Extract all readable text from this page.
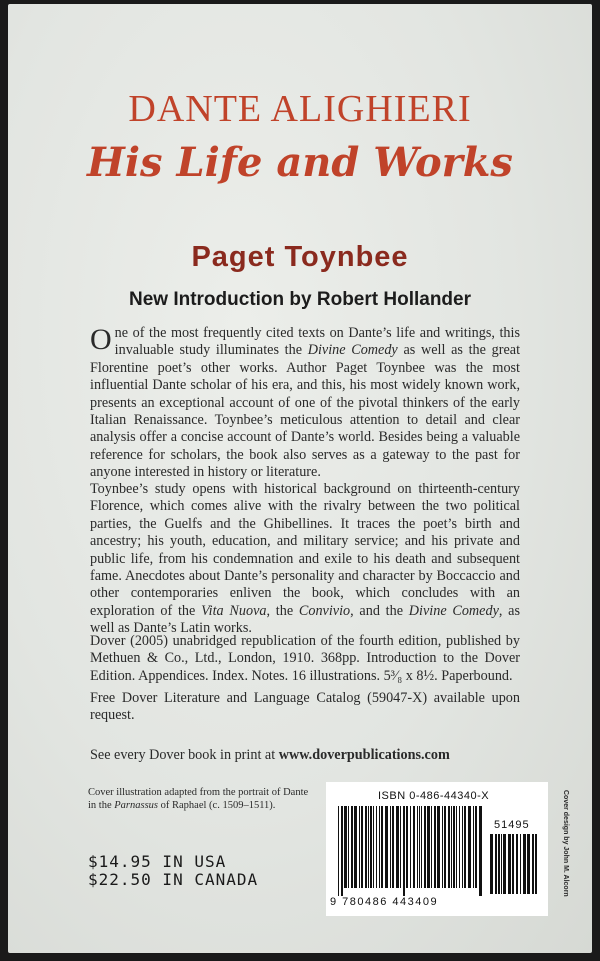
DANTE ALIGHIERI
His Life and Works
Paget Toynbee
New Introduction by Robert Hollander

One of the most frequently cited texts on Dante’s life and writings, this invaluable study illuminates the Divine Comedy as well as the great Florentine poet’s other works. Author Paget Toynbee was the most influential Dante scholar of his era, and this, his most widely known work, presents an exceptional account of one of the pivotal thinkers of the early Italian Renaissance. Toynbee’s meticulous attention to detail and clear analysis offer a concise account of Dante’s world. Besides being a valuable reference for scholars, the book also serves as a gateway to the past for anyone interested in history or literature.

Toynbee’s study opens with historical background on thirteenth-century Florence, which comes alive with the rivalry between the two political parties, the Guelfs and the Ghibellines. It traces the poet’s birth and ancestry; his youth, education, and military service; and his private and public life, from his condemnation and exile to his death and subsequent fame. Anecdotes about Dante’s personality and character by Boccaccio and other contemporaries enliven the book, which concludes with an exploration of the Vita Nuova, the Convivio, and the Divine Comedy, as well as Dante’s Latin works.

Dover (2005) unabridged republication of the fourth edition, published by Methuen & Co., Ltd., London, 1910. 368pp. Introduction to the Dover Edition. Appendices. Index. Notes. 16 illustrations. 5³⁄₈ x 8½. Paperbound.

Free Dover Literature and Language Catalog (59047-X) available upon request.

See every Dover book in print at www.doverpublications.com

Cover illustration adapted from the portrait of Dante in the Parnassus of Raphael (c. 1509–1511).

$14.95 IN USA
$22.50 IN CANADA
ISBN 0-486-44340-X
51495
9 780486 443409
Cover design by John M. Alcorn
